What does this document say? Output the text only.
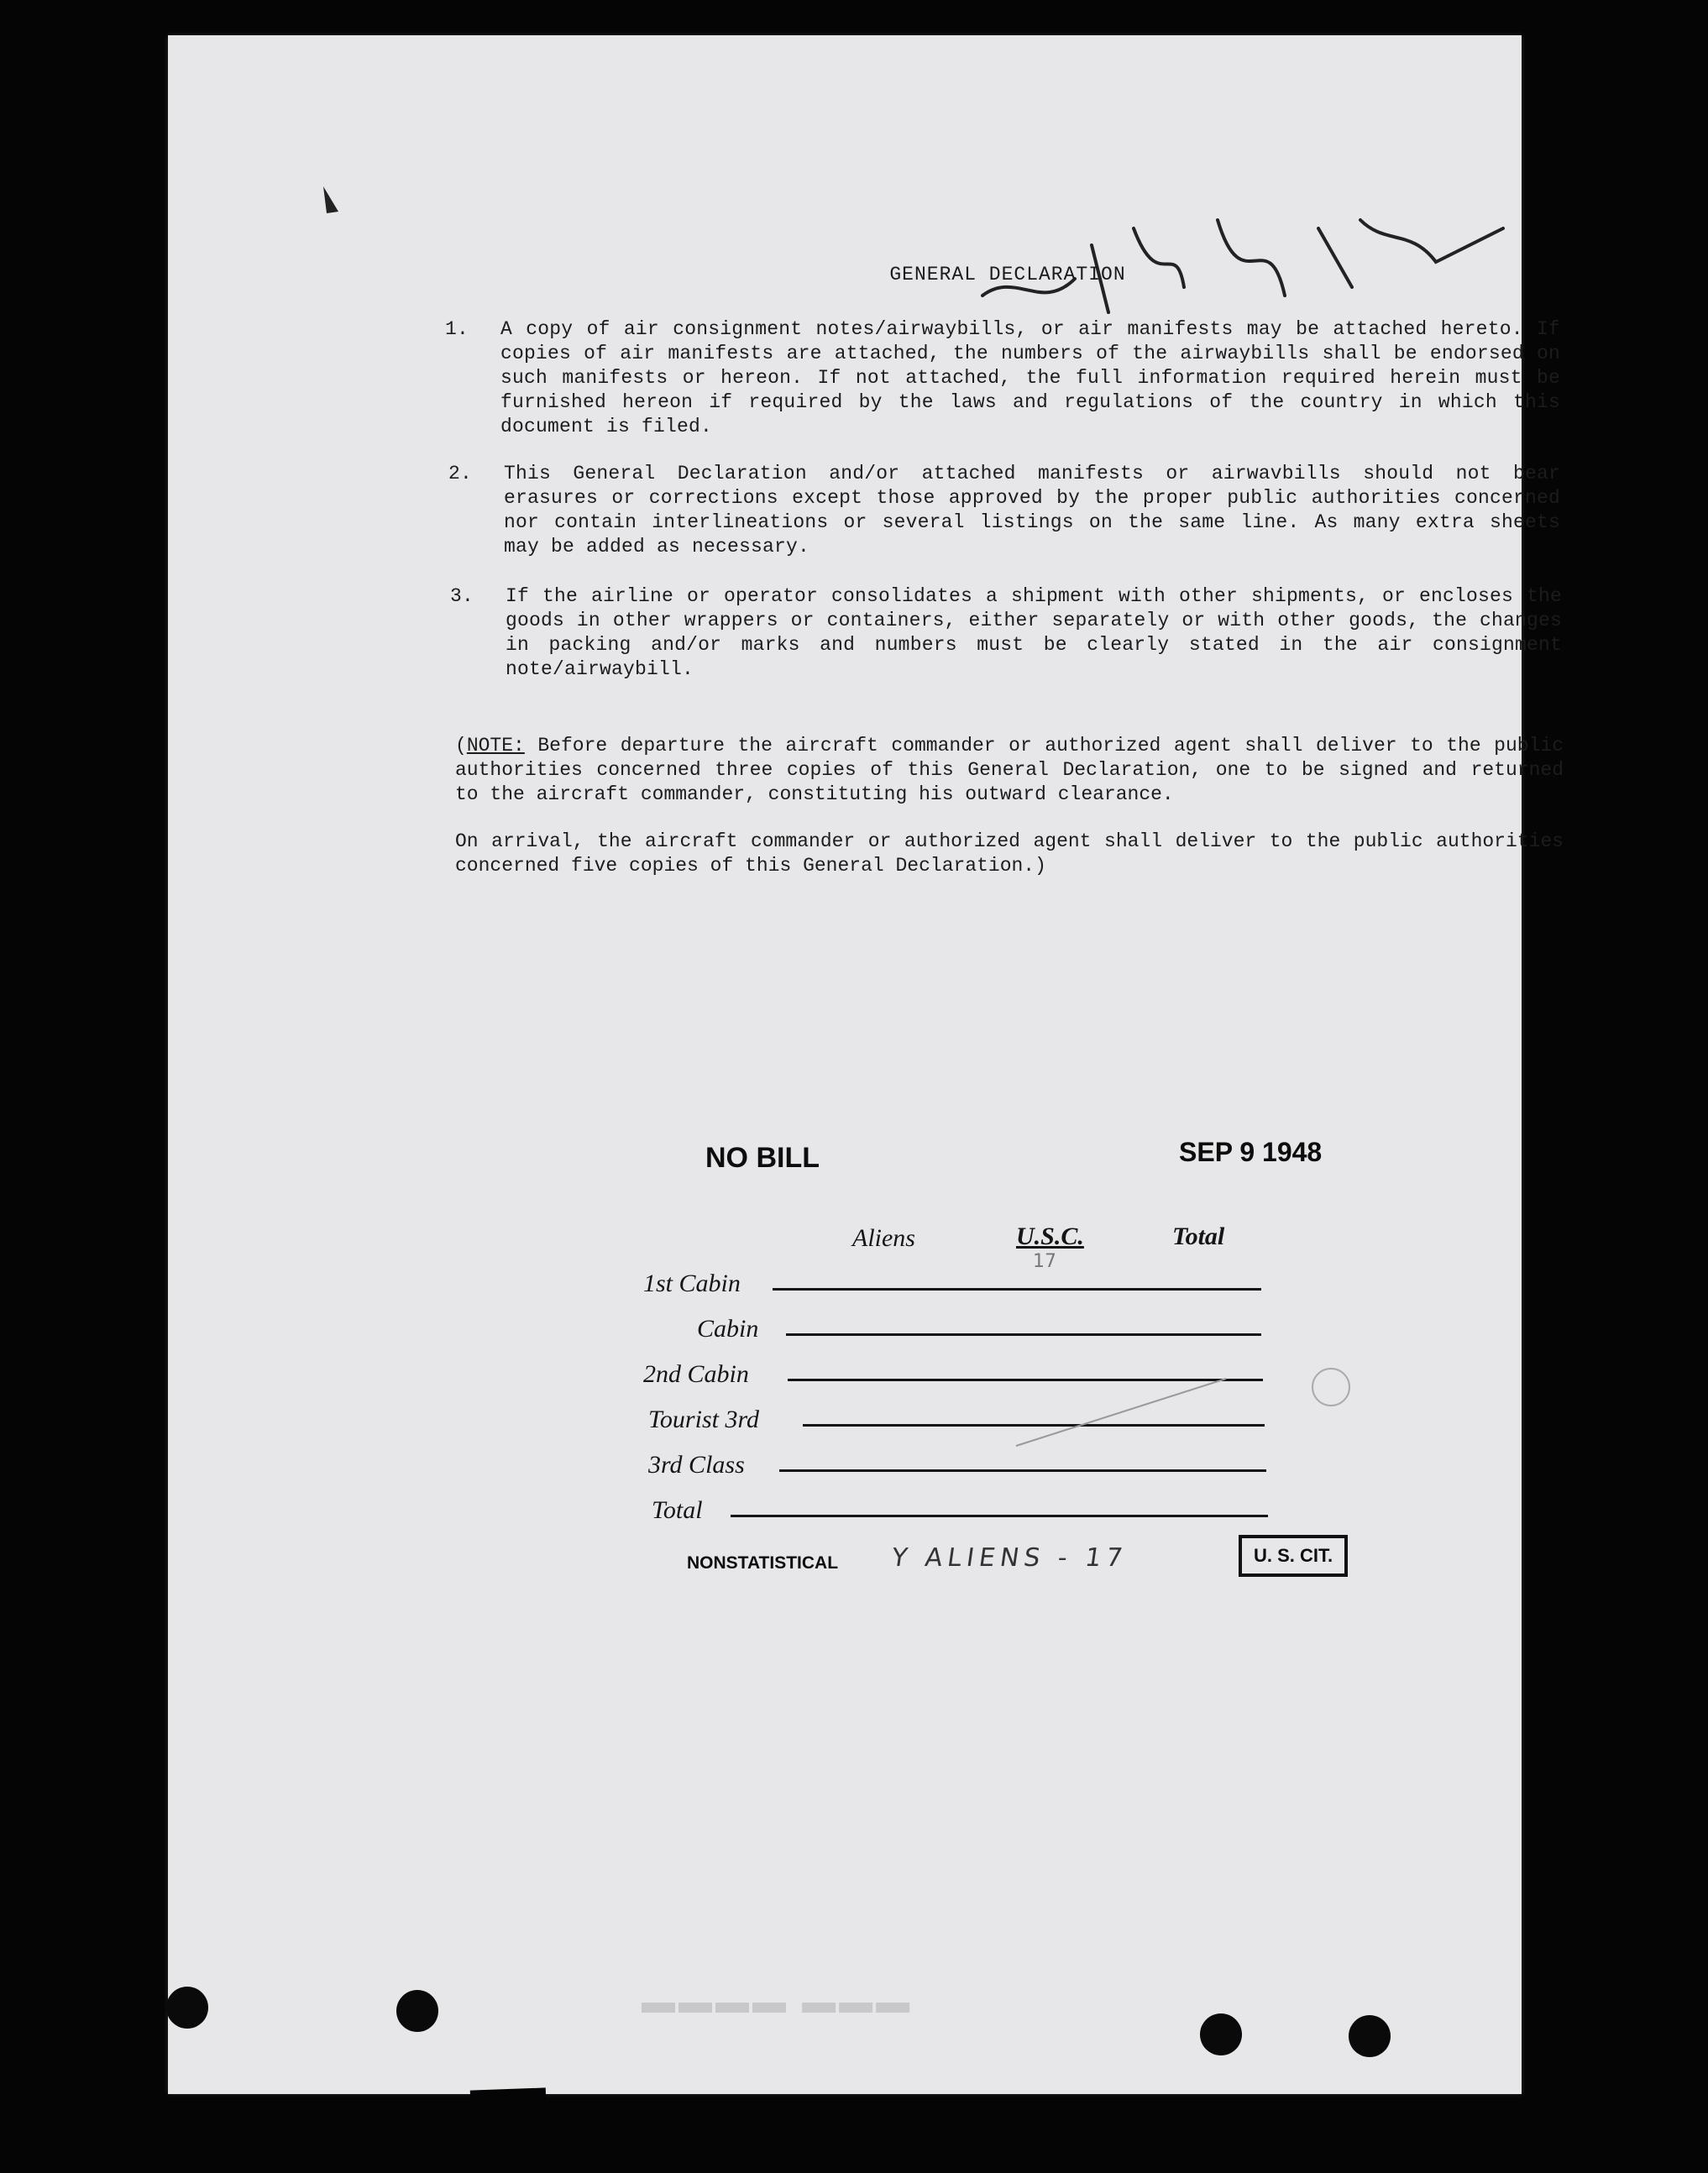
GENERAL DECLARATION
1. A copy of air consignment notes/airwaybills, or air manifests may be attached hereto. If copies of air manifests are attached, the numbers of the airwaybills shall be endorsed on such manifests or hereon. If not attached, the full information required herein must be furnished hereon if required by the laws and regulations of the country in which this document is filed.
2. This General Declaration and/or attached manifests or airwavbills should not bear erasures or corrections except those approved by the proper public authorities concerned nor contain interlineations or several listings on the same line. As many extra sheets may be added as necessary.
3. If the airline or operator consolidates a shipment with other shipments, or encloses the goods in other wrappers or containers, either separately or with other goods, the changes in packing and/or marks and numbers must be clearly stated in the air consignment note/airwaybill.
(NOTE: Before departure the aircraft commander or authorized agent shall deliver to the public authorities concerned three copies of this General Declaration, one to be signed and returned to the aircraft commander, constituting his outward clearance.
On arrival, the aircraft commander or authorized agent shall deliver to the public authorities concerned five copies of this General Declaration.)
NO BILL	SEP 9 1948
Aliens	U.S.C.	Total
17
1st Cabin
Cabin
2nd Cabin
Tourist 3rd
3rd Class
Total
NONSTATISTICAL Y ALIENS - 17	U. S. CIT.
▬▬▬ ▬▬▬▬
